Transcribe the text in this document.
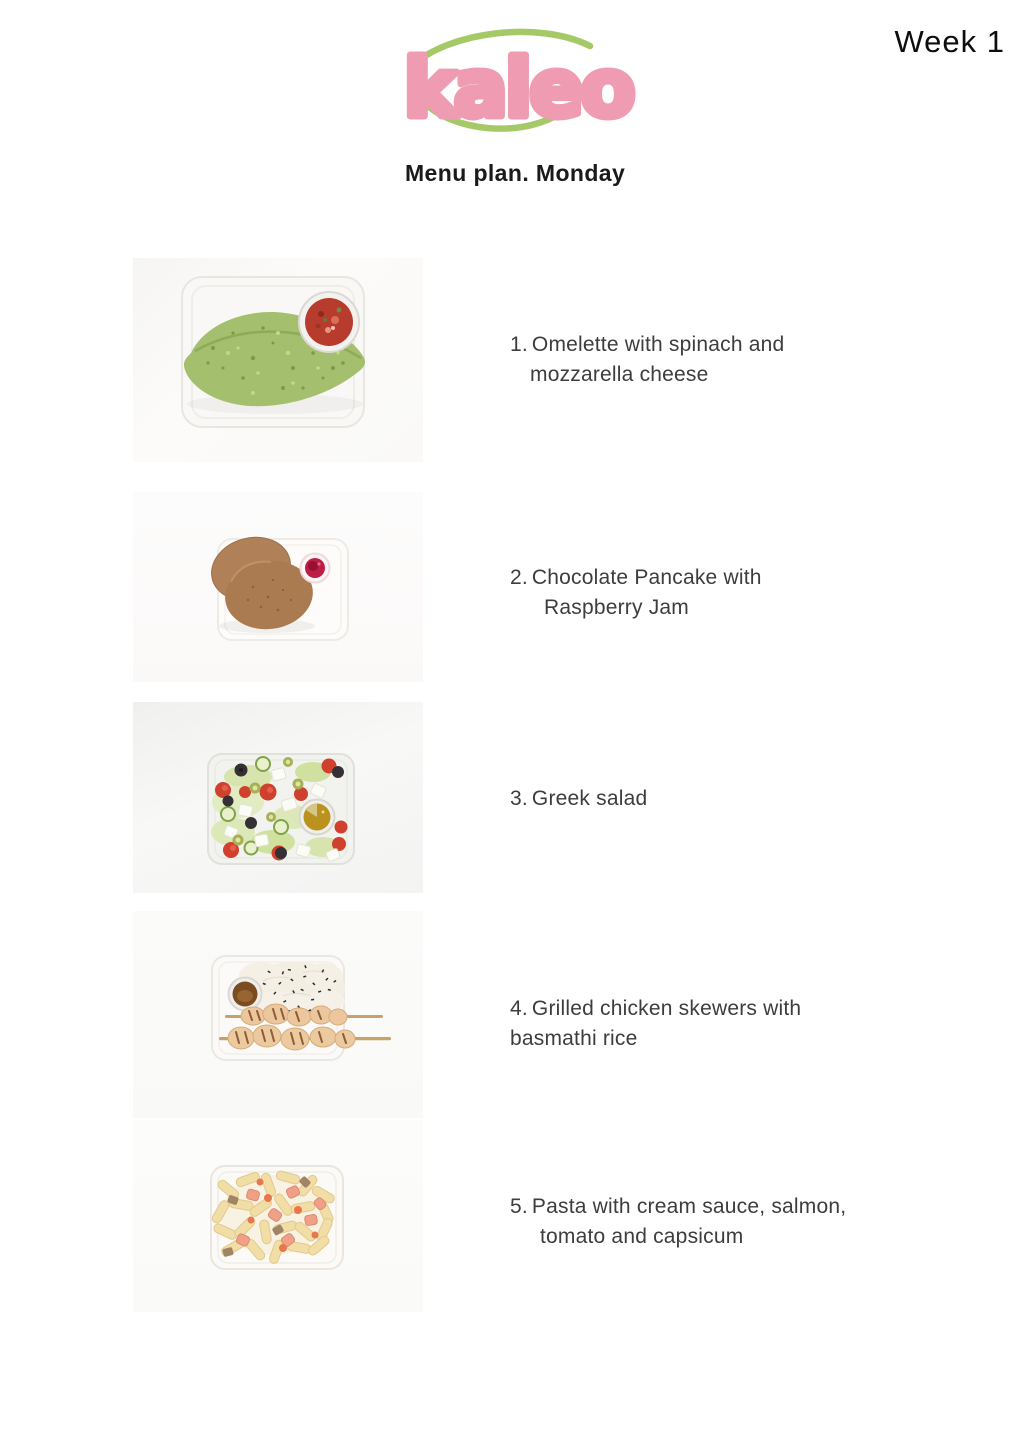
kaleo
Week 1
Menu plan. Monday
1. Omelette with spinach and
mozzarella cheese
2. Chocolate Pancake with
Raspberry Jam
3. Greek salad
4. Grilled chicken skewers with
basmathi rice
5. Pasta with cream sauce, salmon,
tomato and capsicum
